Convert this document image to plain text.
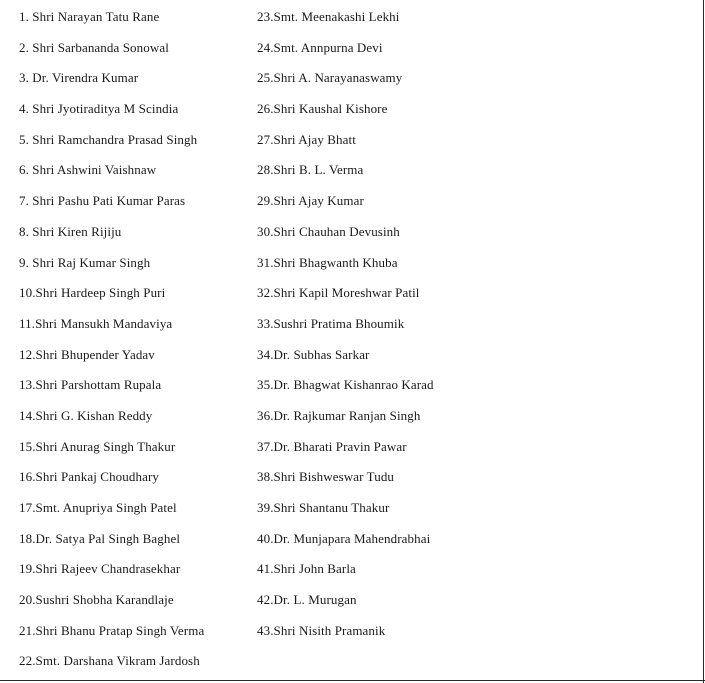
1. Shri Narayan Tatu Rane
2. Shri Sarbananda Sonowal
3. Dr. Virendra Kumar
4. Shri Jyotiraditya M Scindia
5. Shri Ramchandra Prasad Singh
6. Shri Ashwini Vaishnaw
7. Shri Pashu Pati Kumar Paras
8. Shri Kiren Rijiju
9. Shri Raj Kumar Singh
10.Shri Hardeep Singh Puri
11.Shri Mansukh Mandaviya
12.Shri Bhupender Yadav
13.Shri Parshottam Rupala
14.Shri G. Kishan Reddy
15.Shri Anurag Singh Thakur
16.Shri Pankaj Choudhary
17.Smt. Anupriya Singh Patel
18.Dr. Satya Pal Singh Baghel
19.Shri Rajeev Chandrasekhar
20.Sushri Shobha Karandlaje
21.Shri Bhanu Pratap Singh Verma
22.Smt. Darshana Vikram Jardosh
23.Smt. Meenakashi Lekhi
24.Smt. Annpurna Devi
25.Shri A. Narayanaswamy
26.Shri Kaushal Kishore
27.Shri Ajay Bhatt
28.Shri B. L. Verma
29.Shri Ajay Kumar
30.Shri Chauhan Devusinh
31.Shri Bhagwanth Khuba
32.Shri Kapil Moreshwar Patil
33.Sushri Pratima Bhoumik
34.Dr. Subhas Sarkar
35.Dr. Bhagwat Kishanrao Karad
36.Dr. Rajkumar Ranjan Singh
37.Dr. Bharati Pravin Pawar
38.Shri Bishweswar Tudu
39.Shri Shantanu Thakur
40.Dr. Munjapara Mahendrabhai
41.Shri John Barla
42.Dr. L. Murugan
43.Shri Nisith Pramanik
